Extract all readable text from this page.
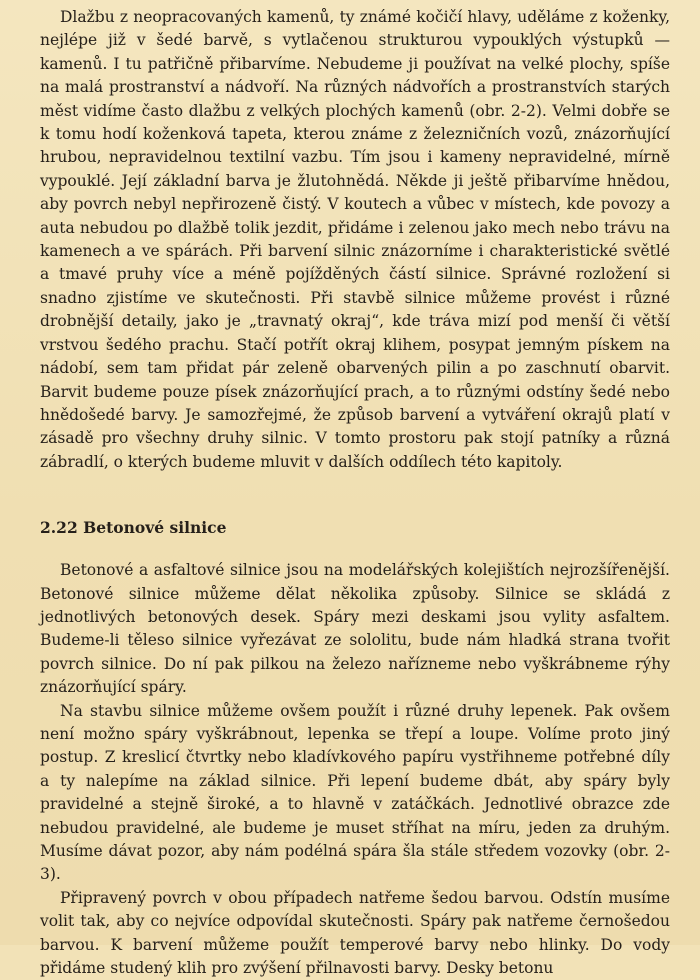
Dlažbu z neopracovaných kamenů, ty známé kočičí hlavy, uděláme z koženky, nejlépe již v šedé barvě, s vytlačenou strukturou vypouklých výstupků — kamenů. I tu patřičně přibarvíme. Nebudeme ji používat na velké plochy, spíše na malá prostranství a nádvoří. Na různých nádvořích a prostranstvích starých měst vidíme často dlažbu z velkých plochých kamenů (obr. 2-2). Velmi dobře se k tomu hodí koženková tapeta, kterou známe z železničních vozů, znázorňující hrubou, nepravidelnou textilní vazbu. Tím jsou i kameny nepravidelné, mírně vypouklé. Její základní barva je žlutohnědá. Někde ji ještě přibarvíme hnědou, aby povrch nebyl nepřirozeně čistý. V koutech a vůbec v místech, kde povozy a auta nebudou po dlažbě tolik jezdit, přidáme i zelenou jako mech nebo trávu na kamenech a ve spárách. Při barvení silnic znázorníme i charakteristické světlé a tmavé pruhy více a méně pojížděných částí silnice. Správné rozložení si snadno zjistíme ve skutečnosti. Při stavbě silnice můžeme provést i různé drobnější detaily, jako je „travnatý okraj“, kde tráva mizí pod menší či větší vrstvou šedého prachu. Stačí potřít okraj klihem, posypat jemným pískem na nádobí, sem tam přidat pár zeleně obarvených pilin a po zaschnutí obarvit. Barvit budeme pouze písek znázorňující prach, a to různými odstíny šedé nebo hnědošedé barvy. Je samozřejmé, že způsob barvení a vytváření okrajů platí v zásadě pro všechny druhy silnic. V tomto prostoru pak stojí patníky a různá zábradlí, o kterých budeme mluvit v dalších oddílech této kapitoly.

2.22 Betonové silnice

Betonové a asfaltové silnice jsou na modelářských kolejištích nejrozšířenější. Betonové silnice můžeme dělat několika způsoby. Silnice se skládá z jednotlivých betonových desek. Spáry mezi deskami jsou vylity asfaltem. Budeme-li těleso silnice vyřezávat ze sololitu, bude nám hladká strana tvořit povrch silnice. Do ní pak pilkou na železo nařízneme nebo vyškrábneme rýhy znázorňující spáry.

Na stavbu silnice můžeme ovšem použít i různé druhy lepenek. Pak ovšem není možno spáry vyškrábnout, lepenka se třepí a loupe. Volíme proto jiný postup. Z kreslicí čtvrtky nebo kladívkového papíru vystřihneme potřebné díly a ty nalepíme na základ silnice. Při lepení budeme dbát, aby spáry byly pravidelné a stejně široké, a to hlavně v zatáčkách. Jednotlivé obrazce zde nebudou pravidelné, ale budeme je muset stříhat na míru, jeden za druhým. Musíme dávat pozor, aby nám podélná spára šla stále středem vozovky (obr. 2-3).

Připravený povrch v obou případech natřeme šedou barvou. Odstín musíme volit tak, aby co nejvíce odpovídal skutečnosti. Spáry pak natřeme černošedou barvou. K barvení můžeme použít temperové barvy nebo hlinky. Do vody přidáme studený klih pro zvýšení přilnavosti barvy. Desky betonu
